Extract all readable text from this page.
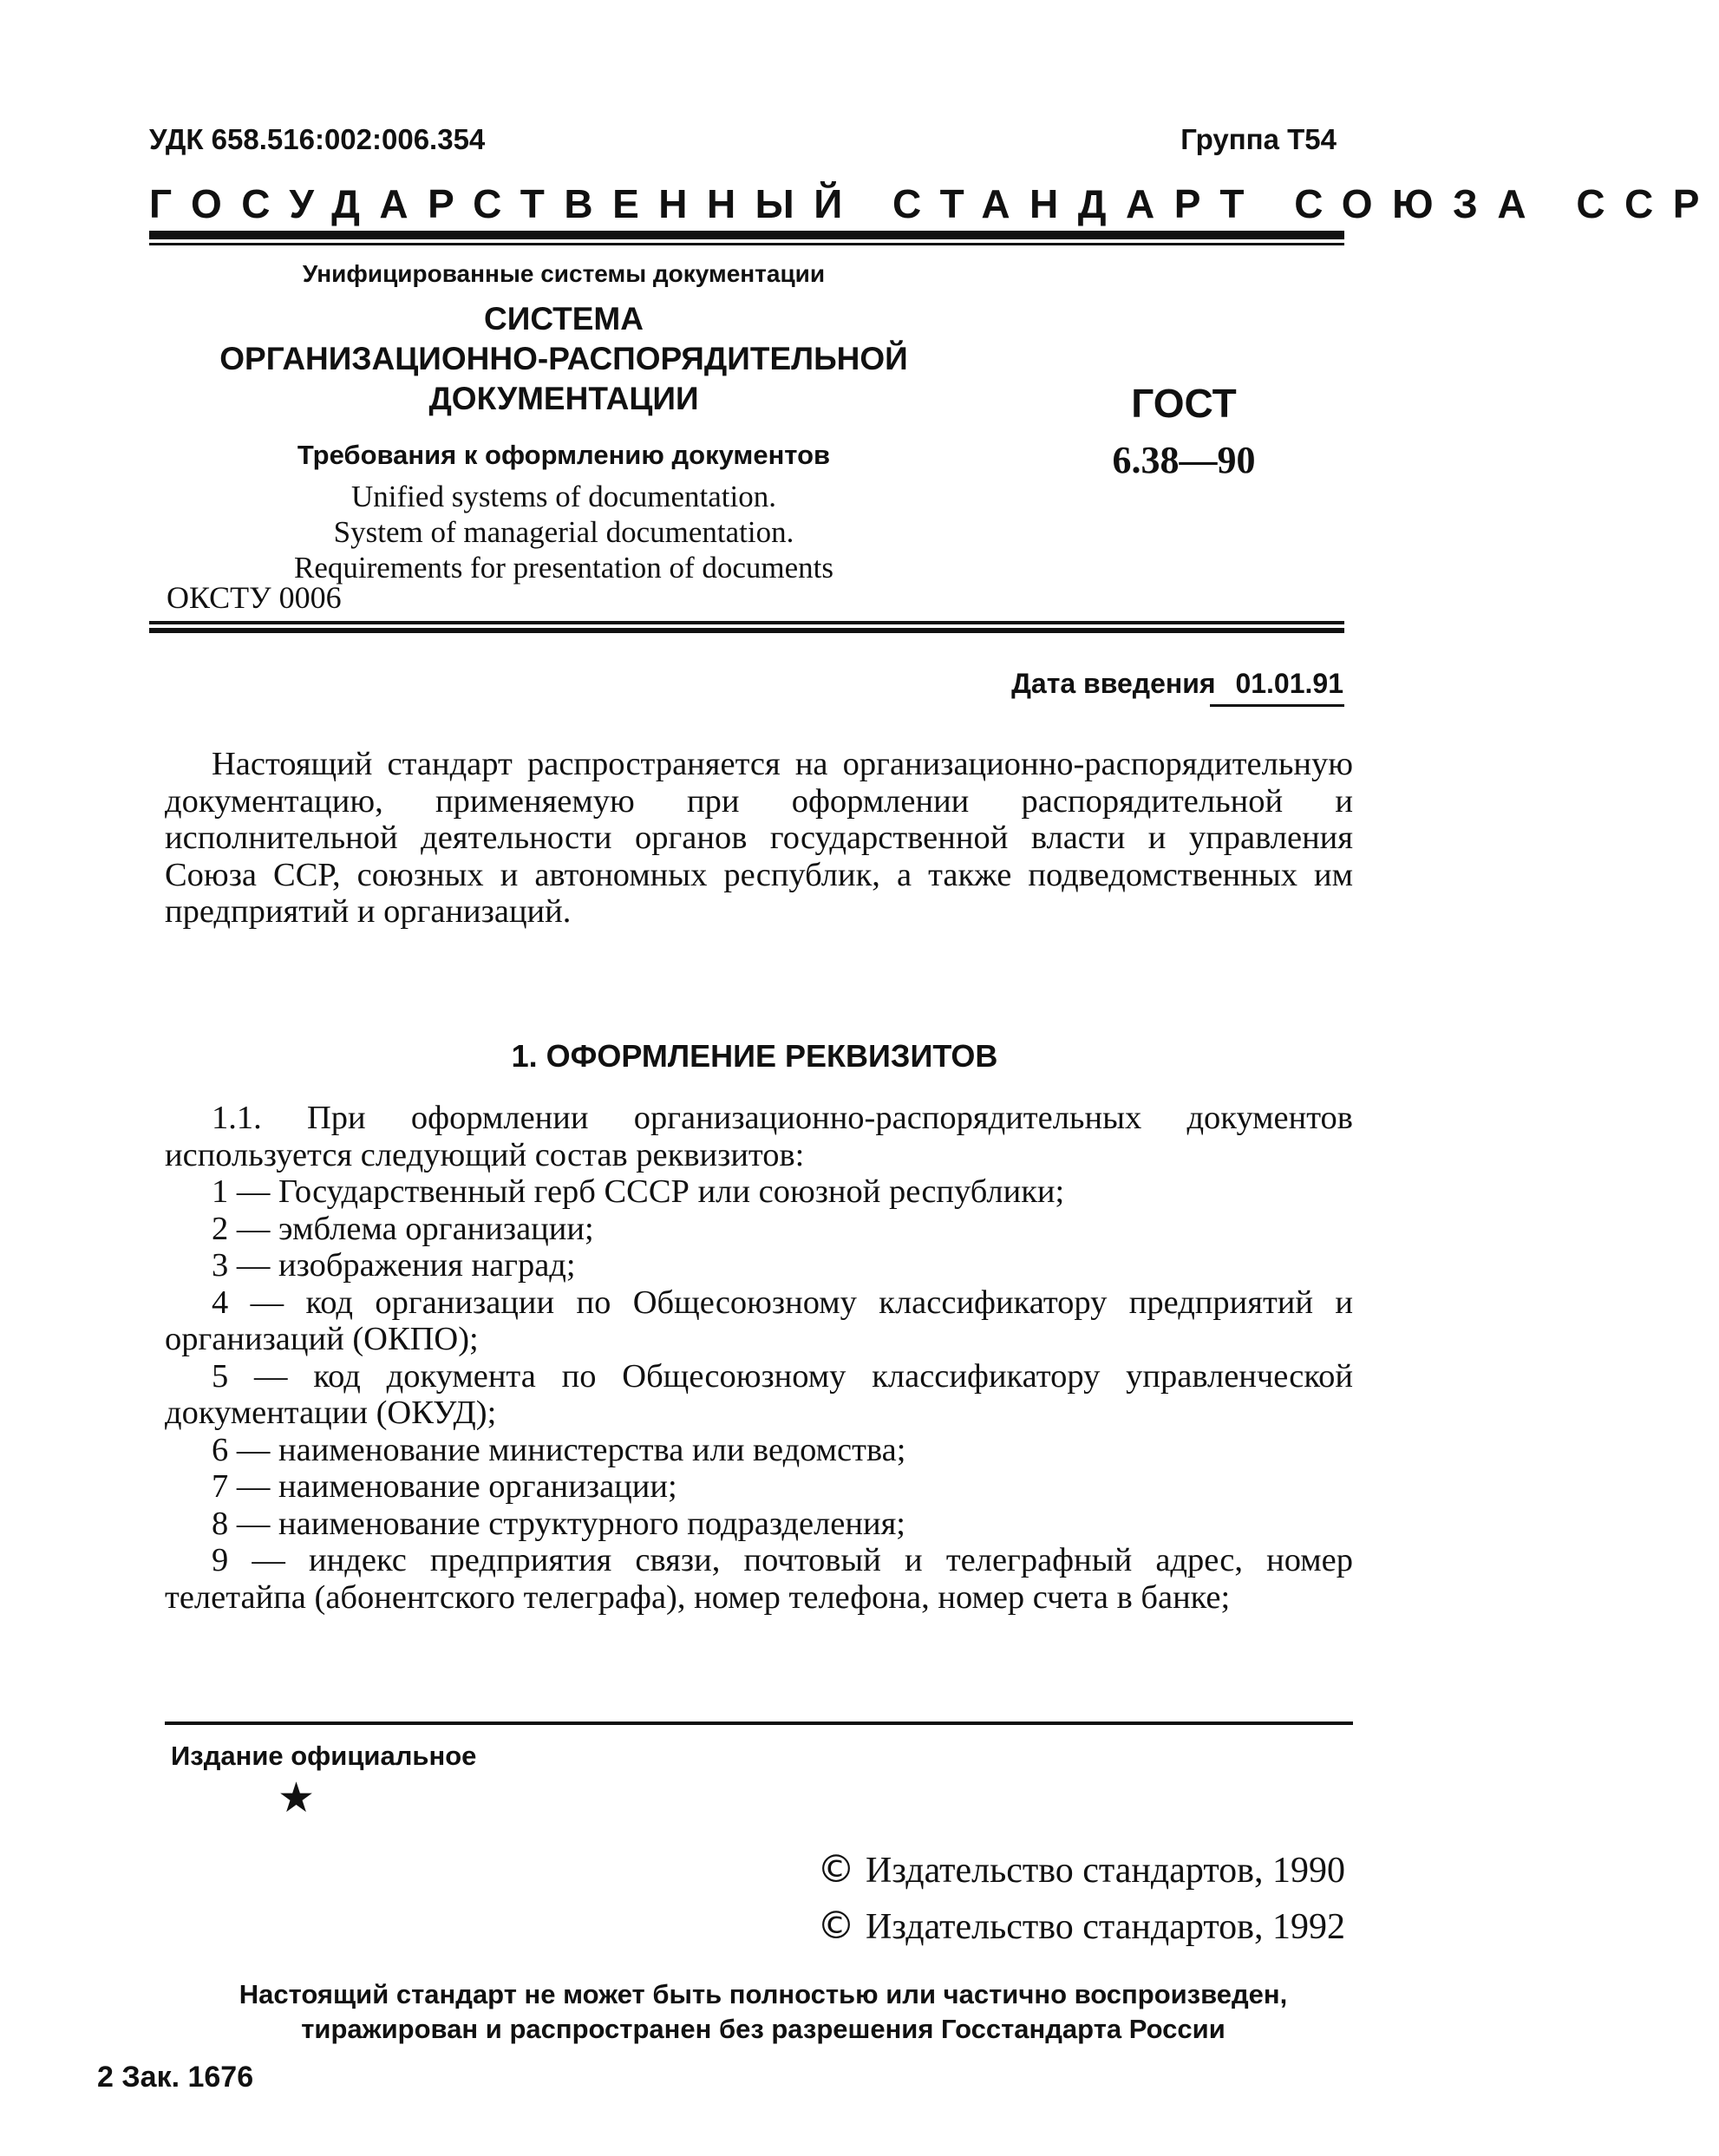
УДК 658.516:002:006.354	Группа Т54
ГОСУДАРСТВЕННЫЙ СТАНДАРТ СОЮЗА ССР
Унифицированные системы документации
СИСТЕМА
ОРГАНИЗАЦИОННО-РАСПОРЯДИТЕЛЬНОЙ
ДОКУМЕНТАЦИИ	ГОСТ
6.38—90
Требования к оформлению документов
Unified systems of documentation.
System of managerial documentation.
Requirements for presentation of documents
ОКСТУ 0006
Дата введения 01.01.91
Настоящий стандарт распространяется на организационно-распорядительную документацию, применяемую при оформлении распорядительной и исполнительной деятельности органов государственной власти и управления Союза ССР, союзных и автономных республик, а также подведомственных им предприятий и организаций.
1. ОФОРМЛЕНИЕ РЕКВИЗИТОВ
1.1. При оформлении организационно-распорядительных документов используется следующий состав реквизитов:
1 — Государственный герб СССР или союзной республики;
2 — эмблема организации;
3 — изображения наград;
4 — код организации по Общесоюзному классификатору предприятий и организаций (ОКПО);
5 — код документа по Общесоюзному классификатору управленческой документации (ОКУД);
6 — наименование министерства или ведомства;
7 — наименование организации;
8 — наименование структурного подразделения;
9 — индекс предприятия связи, почтовый и телеграфный адрес, номер телетайпа (абонентского телеграфа), номер телефона, номер счета в банке;
Издание официальное
★
© Издательство стандартов, 1990
© Издательство стандартов, 1992
Настоящий стандарт не может быть полностью или частично воспроизведен,
тиражирован и распространен без разрешения Госстандарта России
2 Зак. 1676
